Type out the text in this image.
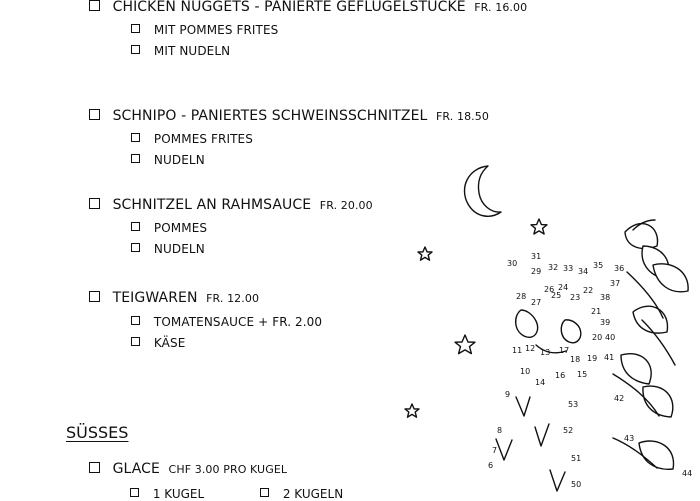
CHICKEN NUGGETS - PANIERTE GEFLÜGELSTÜCKE FR. 16.00
MIT POMMES FRITES
MIT NUDELN
SCHNIPO - PANIERTES SCHWEINSSCHNITZEL FR. 18.50
POMMES FRITES
NUDELN
SCHNITZEL AN RAHMSAUCE FR. 20.00
POMMES
NUDELN
TEIGWAREN FR. 12.00
TOMATENSAUCE + FR. 2.00
KÄSE
SÜSSES
GLACE CHF 3.00 PRO KUGEL
1 KUGEL	2 KUGELN
30
31
32 33 34
35 36
37
29
26 24
23
22
28
27
25
21
38
39
20 40
19 41
18
17
16 15
14
13
12
11
10
9
53
8	52
7
6
51
50
42
43
44
